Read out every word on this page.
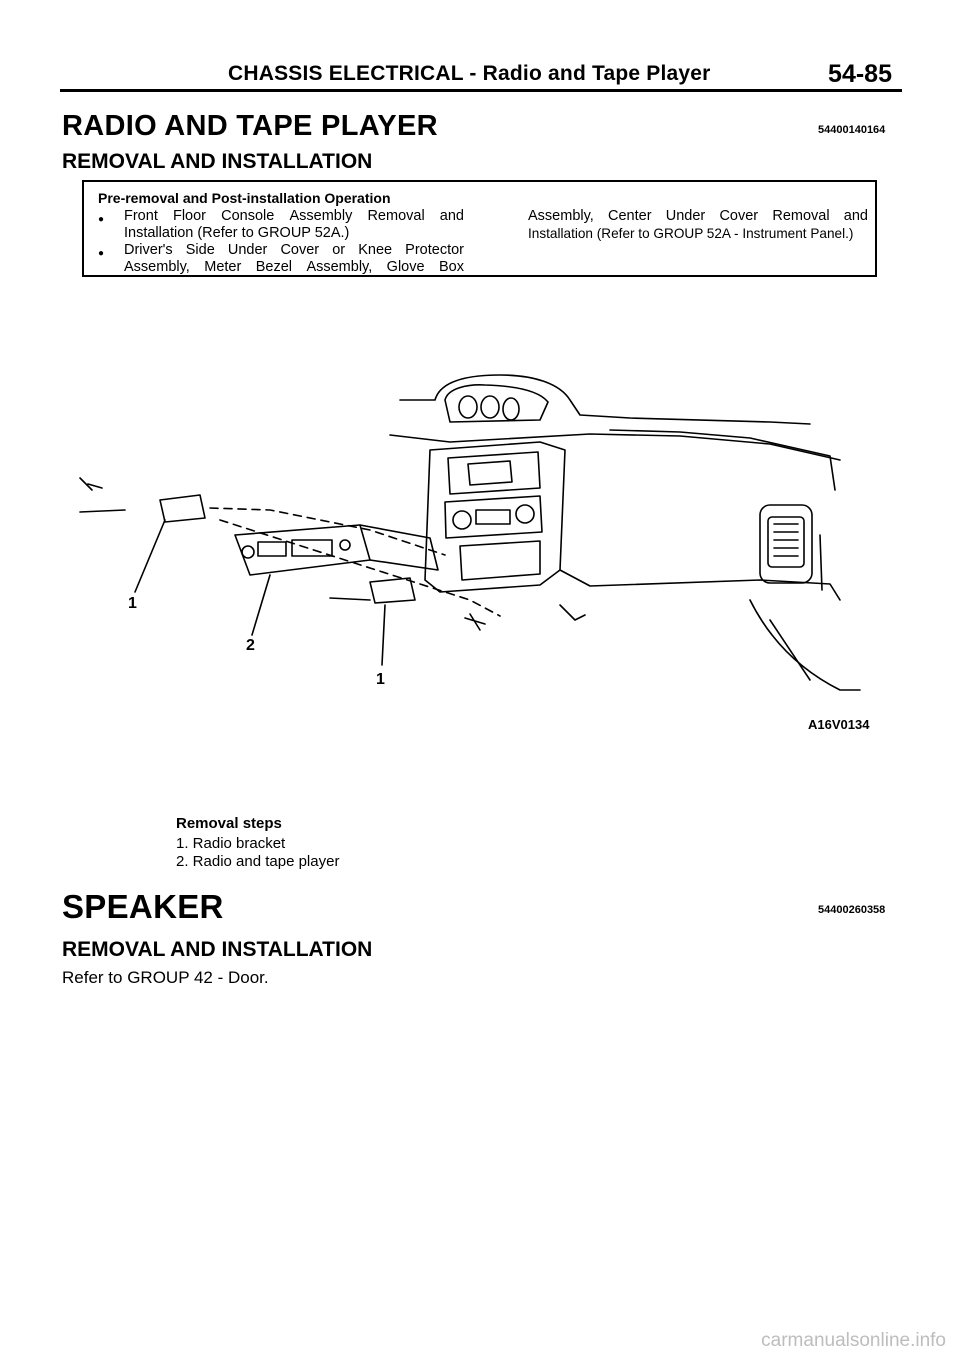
CHASSIS ELECTRICAL - Radio and Tape Player	54-85
RADIO AND TAPE PLAYER	54400140164
REMOVAL AND INSTALLATION
Pre-removal and Post-installation Operation
● Front Floor Console Assembly Removal and
Installation (Refer to GROUP 52A.)
● Driver's Side Under Cover or Knee Protector
Assembly, Meter Bezel Assembly, Glove Box
Assembly, Center Under Cover Removal and
Installation (Refer to GROUP 52A - Instrument Panel.)
1
2
1
A16V0134
Removal steps
1. Radio bracket
2. Radio and tape player
SPEAKER	54400260358
REMOVAL AND INSTALLATION
Refer to GROUP 42 - Door.
carmanualsonline.info
